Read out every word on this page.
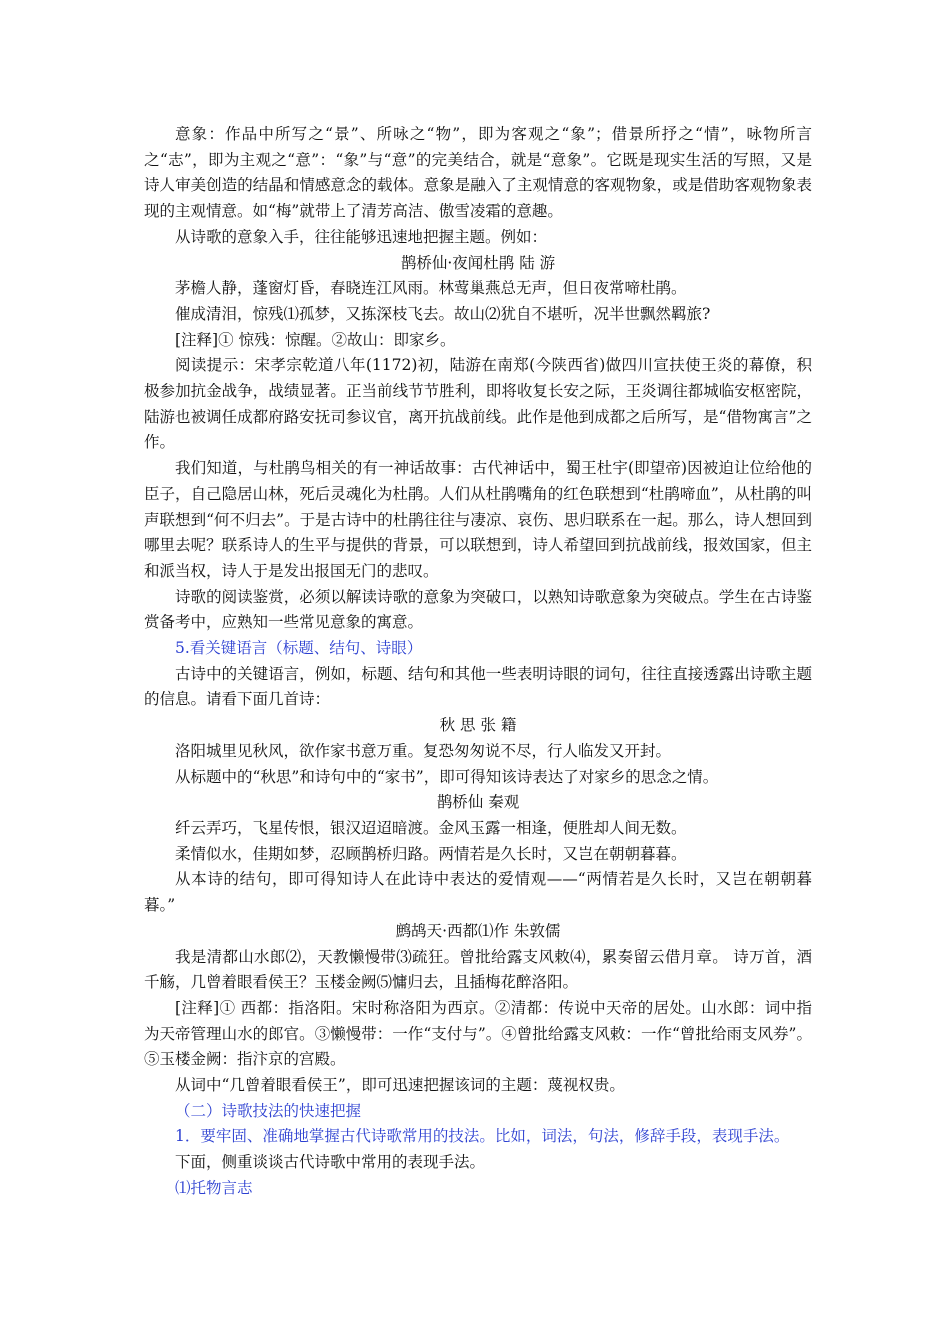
意象：作品中所写之“景”、所咏之“物”，即为客观之“象”；借景所抒之“情”，咏物所言之“志”，即为主观之“意”：“象”与“意”的完美结合，就是“意象”。它既是现实生活的写照，又是诗人审美创造的结晶和情感意念的载体。意象是融入了主观情意的客观物象，或是借助客观物象表现的主观情意。如“梅”就带上了清芳高洁、傲雪凌霜的意趣。

从诗歌的意象入手，往往能够迅速地把握主题。例如：

鹊桥仙·夜闻杜鹃 陆 游

茅檐人静，蓬窗灯昏，春晓连江风雨。林莺巢燕总无声，但日夜常啼杜鹃。

催成清泪，惊残⑴孤梦，又拣深枝飞去。故山⑵犹自不堪听，况半世飘然羁旅?

[注释]① 惊残：惊醒。②故山：即家乡。

阅读提示：宋孝宗乾道八年(1172)初，陆游在南郑(今陕西省)做四川宣扶使王炎的幕僚，积极参加抗金战争，战绩显著。正当前线节节胜利，即将收复长安之际，王炎调往都城临安枢密院，陆游也被调任成都府路安抚司参议官，离开抗战前线。此作是他到成都之后所写，是“借物寓言”之作。

我们知道，与杜鹃鸟相关的有一神话故事：古代神话中，蜀王杜宇(即望帝)因被迫让位给他的臣子，自己隐居山林，死后灵魂化为杜鹃。人们从杜鹃嘴角的红色联想到“杜鹃啼血”，从杜鹃的叫声联想到“何不归去”。于是古诗中的杜鹃往往与凄凉、哀伤、思归联系在一起。那么，诗人想回到哪里去呢？联系诗人的生平与提供的背景，可以联想到，诗人希望回到抗战前线，报效国家，但主和派当权，诗人于是发出报国无门的悲叹。

诗歌的阅读鉴赏，必须以解读诗歌的意象为突破口，以熟知诗歌意象为突破点。学生在古诗鉴赏备考中，应熟知一些常见意象的寓意。

5.看关键语言（标题、结句、诗眼）

古诗中的关键语言，例如，标题、结句和其他一些表明诗眼的词句，往往直接透露出诗歌主题的信息。请看下面几首诗：

秋 思 张 籍

洛阳城里见秋风，欲作家书意万重。复恐匆匆说不尽，行人临发又开封。

从标题中的“秋思”和诗句中的“家书”，即可得知该诗表达了对家乡的思念之情。

鹊桥仙 秦观

纤云弄巧，飞星传恨，银汉迢迢暗渡。金风玉露一相逢，便胜却人间无数。

柔情似水，佳期如梦，忍顾鹊桥归路。两情若是久长时，又岂在朝朝暮暮。

从本诗的结句，即可得知诗人在此诗中表达的爱情观——“两情若是久长时，又岂在朝朝暮暮。”

鹧鸪天·西都⑴作 朱敦儒

我是清都山水郎⑵，天教懒慢带⑶疏狂。曾批给露支风敕⑷，累奏留云借月章。 诗万首，酒千觞，几曾着眼看侯王？玉楼金阙⑸慵归去，且插梅花醉洛阳。

[注释]① 西都：指洛阳。宋时称洛阳为西京。②清都：传说中天帝的居处。山水郎：词中指为天帝管理山水的郎官。③懒慢带：一作“支付与”。④曾批给露支风敕：一作“曾批给雨支风券”。⑤玉楼金阙：指汴京的宫殿。

从词中“几曾着眼看侯王”，即可迅速把握该词的主题：蔑视权贵。

（二）诗歌技法的快速把握

1．要牢固、准确地掌握古代诗歌常用的技法。比如，词法，句法，修辞手段，表现手法。

下面，侧重谈谈古代诗歌中常用的表现手法。

⑴托物言志
